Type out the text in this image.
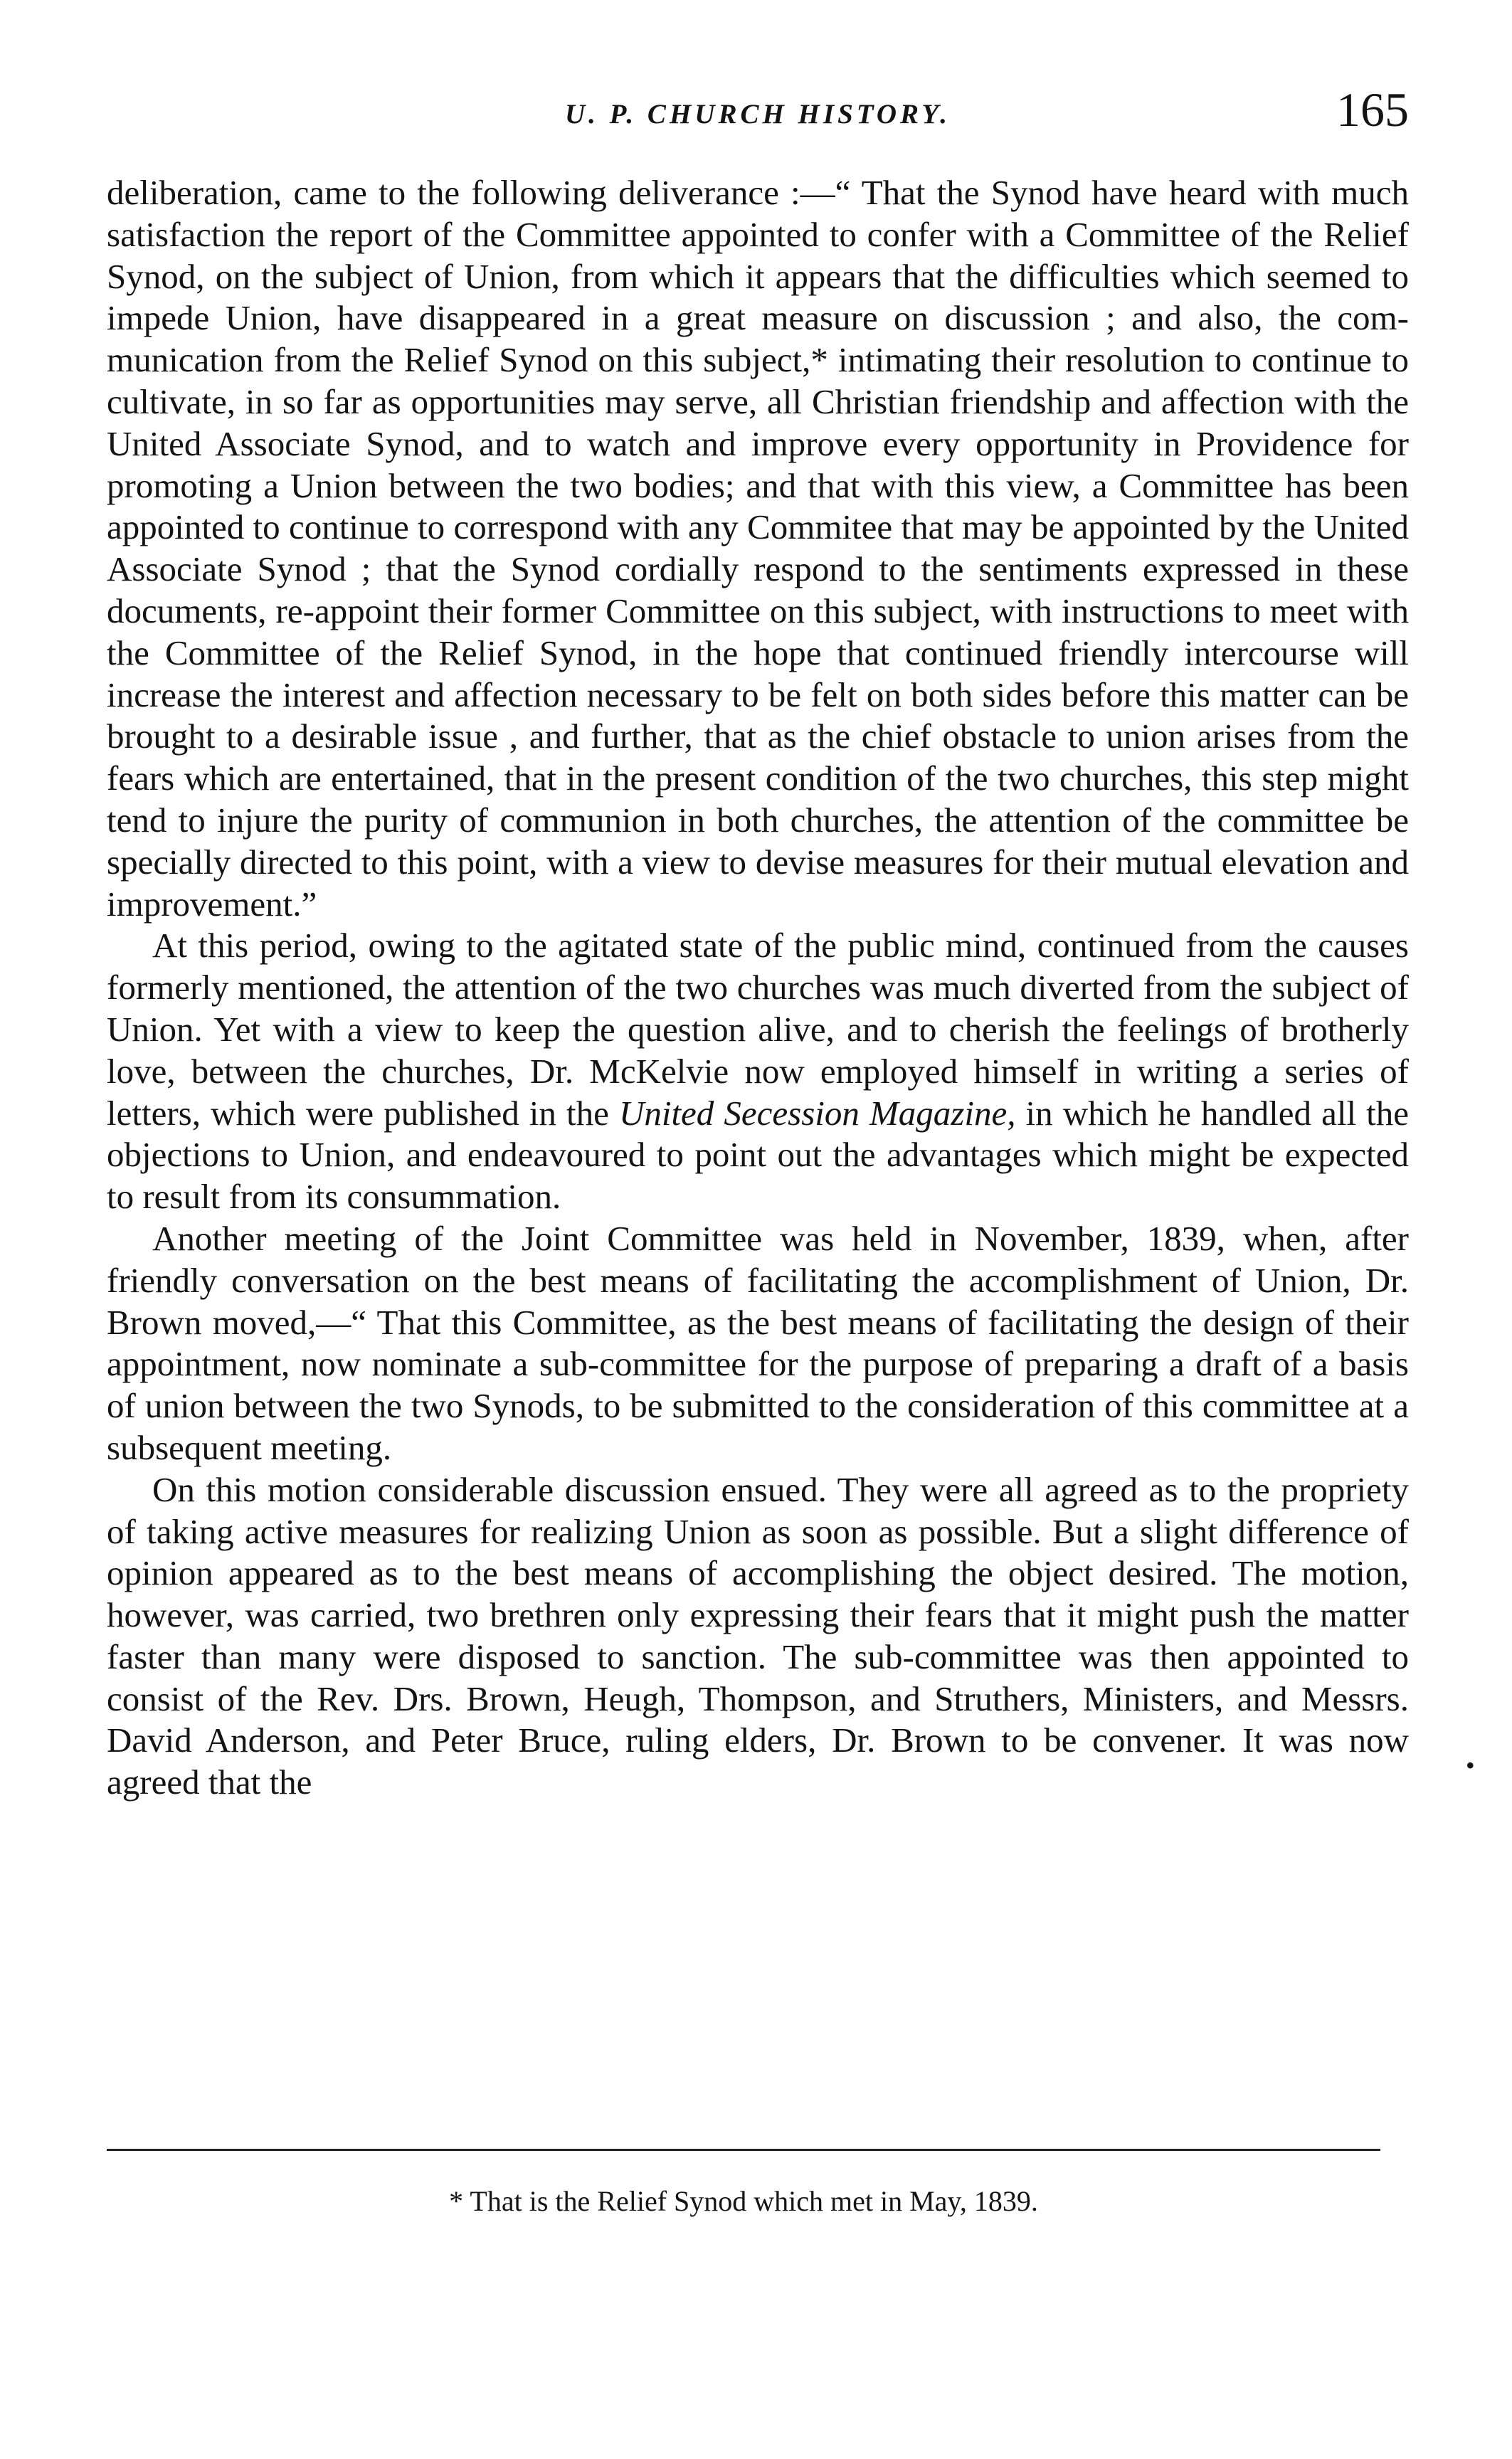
U. P. CHURCH HISTORY.	165

deliberation, came to the following deliverance :—“ That the Synod have heard with much satisfaction the report of the Committee appointed to confer with a Committee of the Relief Synod, on the subject of Union, from which it appears that the difficulties which seemed to impede Union, have disappeared in a great measure on discussion ; and also, the communication from the Relief Synod on this subject,* intimating their resolution to continue to cultivate, in so far as opportunities may serve, all Christian friendship and affection with the United Associate Synod, and to watch and improve every opportunity in Providence for promoting a Union between the two bodies; and that with this view, a Committee has been appointed to continue to correspond with any Commitee that may be appointed by the United Associate Synod ; that the Synod cordially respond to the sentiments expressed in these documents, re-appoint their former Committee on this subject, with instructions to meet with the Committee of the Relief Synod, in the hope that continued friendly intercourse will increase the interest and affection necessary to be felt on both sides before this matter can be brought to a desirable issue , and further, that as the chief obstacle to union arises from the fears which are entertained, that in the present condition of the two churches, this step might tend to injure the purity of communion in both churches, the attention of the committee be specially directed to this point, with a view to devise measures for their mutual elevation and improvement.”

At this period, owing to the agitated state of the public mind, continued from the causes formerly mentioned, the attention of the two churches was much diverted from the subject of Union. Yet with a view to keep the question alive, and to cherish the feelings of brotherly love, between the churches, Dr. McKelvie now employed himself in writing a series of letters, which were published in the United Secession Magazine, in which he handled all the objections to Union, and endeavoured to point out the advantages which might be expected to result from its consummation.

Another meeting of the Joint Committee was held in November, 1839, when, after friendly conversation on the best means of facilitating the accomplishment of Union, Dr. Brown moved,—“ That this Committee, as the best means of facilitating the design of their appointment, now nominate a sub-committee for the purpose of preparing a draft of a basis of union between the two Synods, to be submitted to the consideration of this committee at a subsequent meeting.

On this motion considerable discussion ensued. They were all agreed as to the propriety of taking active measures for realizing Union as soon as possible. But a slight difference of opinion appeared as to the best means of accomplishing the object desired. The motion, however, was carried, two brethren only expressing their fears that it might push the matter faster than many were disposed to sanction. The sub-committee was then appointed to consist of the Rev. Drs. Brown, Heugh, Thompson, and Struthers, Ministers, and Messrs. David Anderson, and Peter Bruce, ruling elders, Dr. Brown to be convener. It was now agreed that the

* That is the Relief Synod which met in May, 1839.
•
